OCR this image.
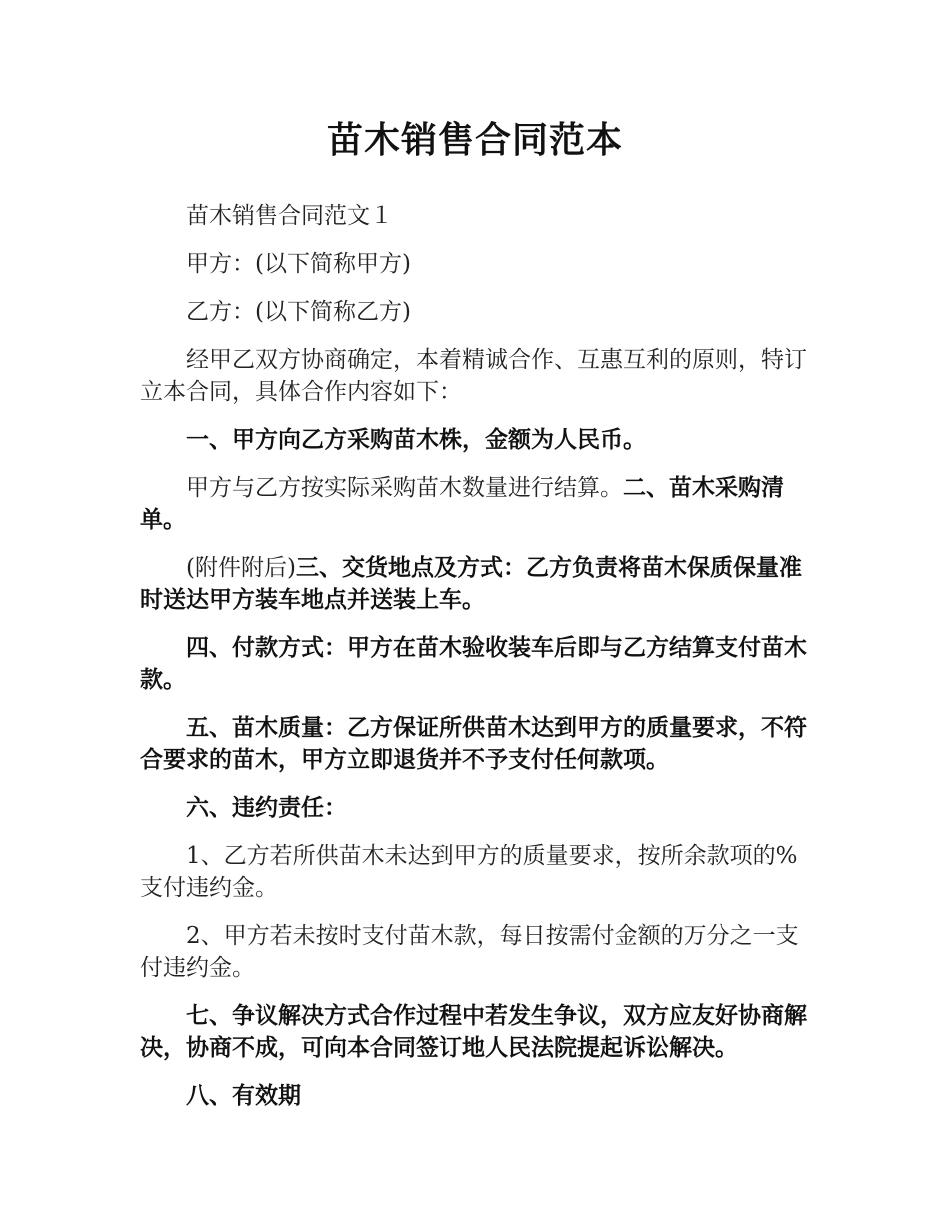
苗木销售合同范本

苗木销售合同范文１

甲方：(以下简称甲方)

乙方：(以下简称乙方)

经甲乙双方协商确定，本着精诚合作、互惠互利的原则，特订立本合同，具体合作内容如下：

一、甲方向乙方采购苗木株，金额为人民币。

甲方与乙方按实际采购苗木数量进行结算。二、苗木采购清单。

(附件附后)三、交货地点及方式：乙方负责将苗木保质保量准时送达甲方装车地点并送装上车。

四、付款方式：甲方在苗木验收装车后即与乙方结算支付苗木款。

五、苗木质量：乙方保证所供苗木达到甲方的质量要求，不符合要求的苗木，甲方立即退货并不予支付任何款项。

六、违约责任：

1、乙方若所供苗木未达到甲方的质量要求，按所余款项的%支付违约金。

2、甲方若未按时支付苗木款，每日按需付金额的万分之一支付违约金。

七、争议解决方式合作过程中若发生争议，双方应友好协商解决，协商不成，可向本合同签订地人民法院提起诉讼解决。

八、有效期
